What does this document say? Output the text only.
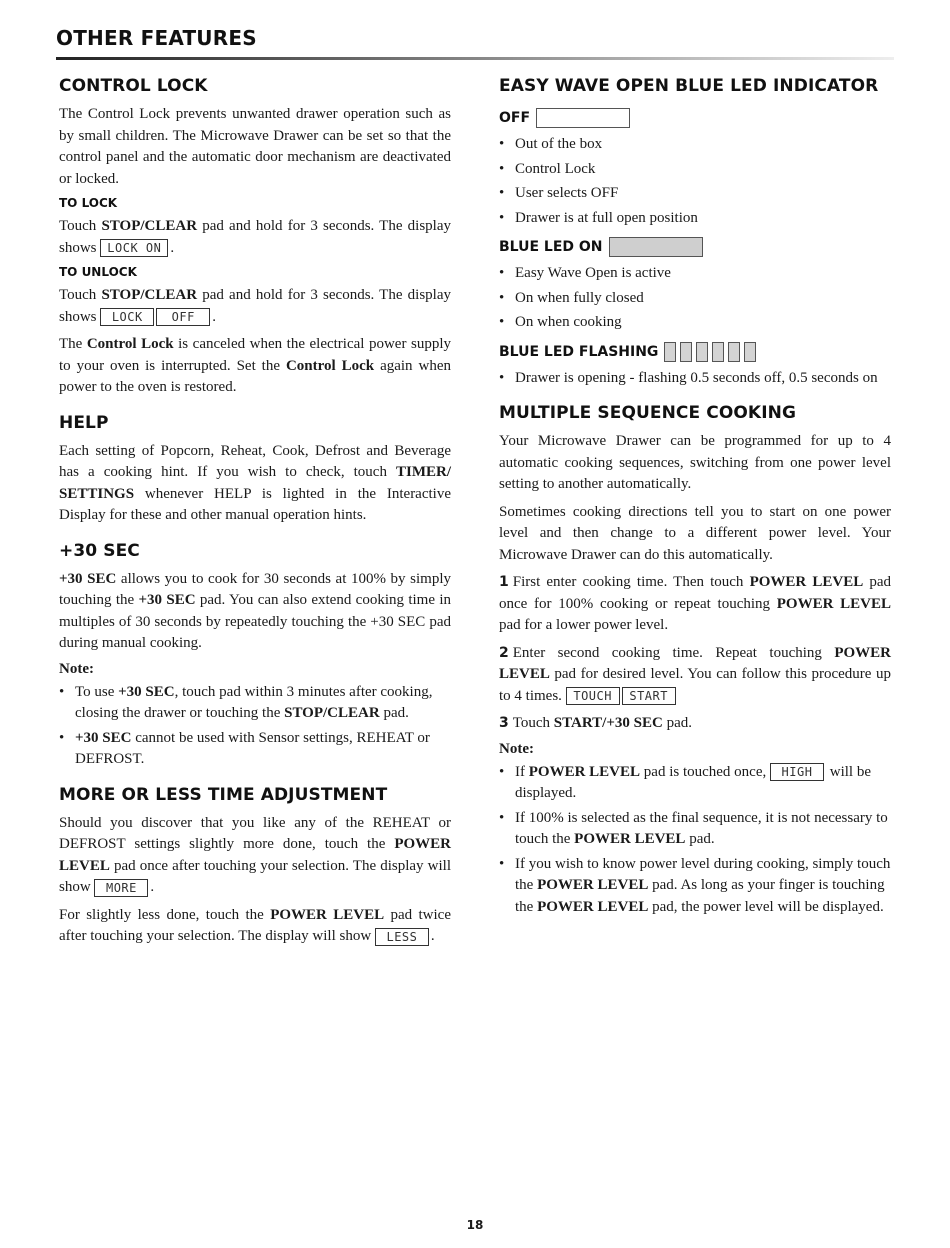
OTHER FEATURES
CONTROL LOCK

The Control Lock prevents unwanted drawer operation such as by small children. The Microwave Drawer can be set so that the control panel and the automatic door mechanism are deactivated or locked.

TO LOCK

Touch STOP/CLEAR pad and hold for 3 seconds. The display shows LOCK ON .

TO UNLOCK

Touch STOP/CLEAR pad and hold for 3 seconds. The display shows LOCK OFF .

The Control Lock is canceled when the electrical power supply to your oven is interrupted. Set the Control Lock again when power to the oven is restored.

HELP

Each setting of Popcorn, Reheat, Cook, Defrost and Beverage has a cooking hint. If you wish to check, touch TIMER/ SETTINGS whenever HELP is lighted in the Interactive Display for these and other manual operation hints.

+30 SEC

+30 SEC allows you to cook for 30 seconds at 100% by simply touching the +30 SEC pad. You can also extend cooking time in multiples of 30 seconds by repeatedly touching the +30 SEC pad during manual cooking.

Note:
• To use +30 SEC, touch pad within 3 minutes after cooking, closing the drawer or touching the STOP/CLEAR pad.
• +30 SEC cannot be used with Sensor settings, REHEAT or DEFROST.
MORE OR LESS TIME ADJUSTMENT

Should you discover that you like any of the REHEAT or DEFROST settings slightly more done, touch the POWER LEVEL pad once after touching your selection. The display will show MORE .

For slightly less done, touch the POWER LEVEL pad twice after touching your selection. The display will show LESS .

EASY WAVE OPEN BLUE LED INDICATOR
OFF
• Out of the box
• Control Lock
• User selects OFF
• Drawer is at full open position
BLUE LED ON
• Easy Wave Open is active
• On when fully closed
• On when cooking
BLUE LED FLASHING
• Drawer is opening - flashing 0.5 seconds off, 0.5 seconds on
MULTIPLE SEQUENCE COOKING

Your Microwave Drawer can be programmed for up to 4 automatic cooking sequences, switching from one power level setting to another automatically.

Sometimes cooking directions tell you to start on one power level and then change to a different power level. Your Microwave Drawer can do this automatically.

1 First enter cooking time. Then touch POWER LEVEL pad once for 100% cooking or repeat touching POWER LEVEL pad for a lower power level.

2 Enter second cooking time. Repeat touching POWER LEVEL pad for desired level. You can follow this procedure up to 4 times. TOUCH START

3 Touch START/+30 SEC pad.

Note:
• If POWER LEVEL pad is touched once, HIGH will be displayed.
• If 100% is selected as the final sequence, it is not necessary to touch the POWER LEVEL pad.
• If you wish to know power level during cooking, simply touch the POWER LEVEL pad. As long as your finger is touching the POWER LEVEL pad, the power level will be displayed.
18
